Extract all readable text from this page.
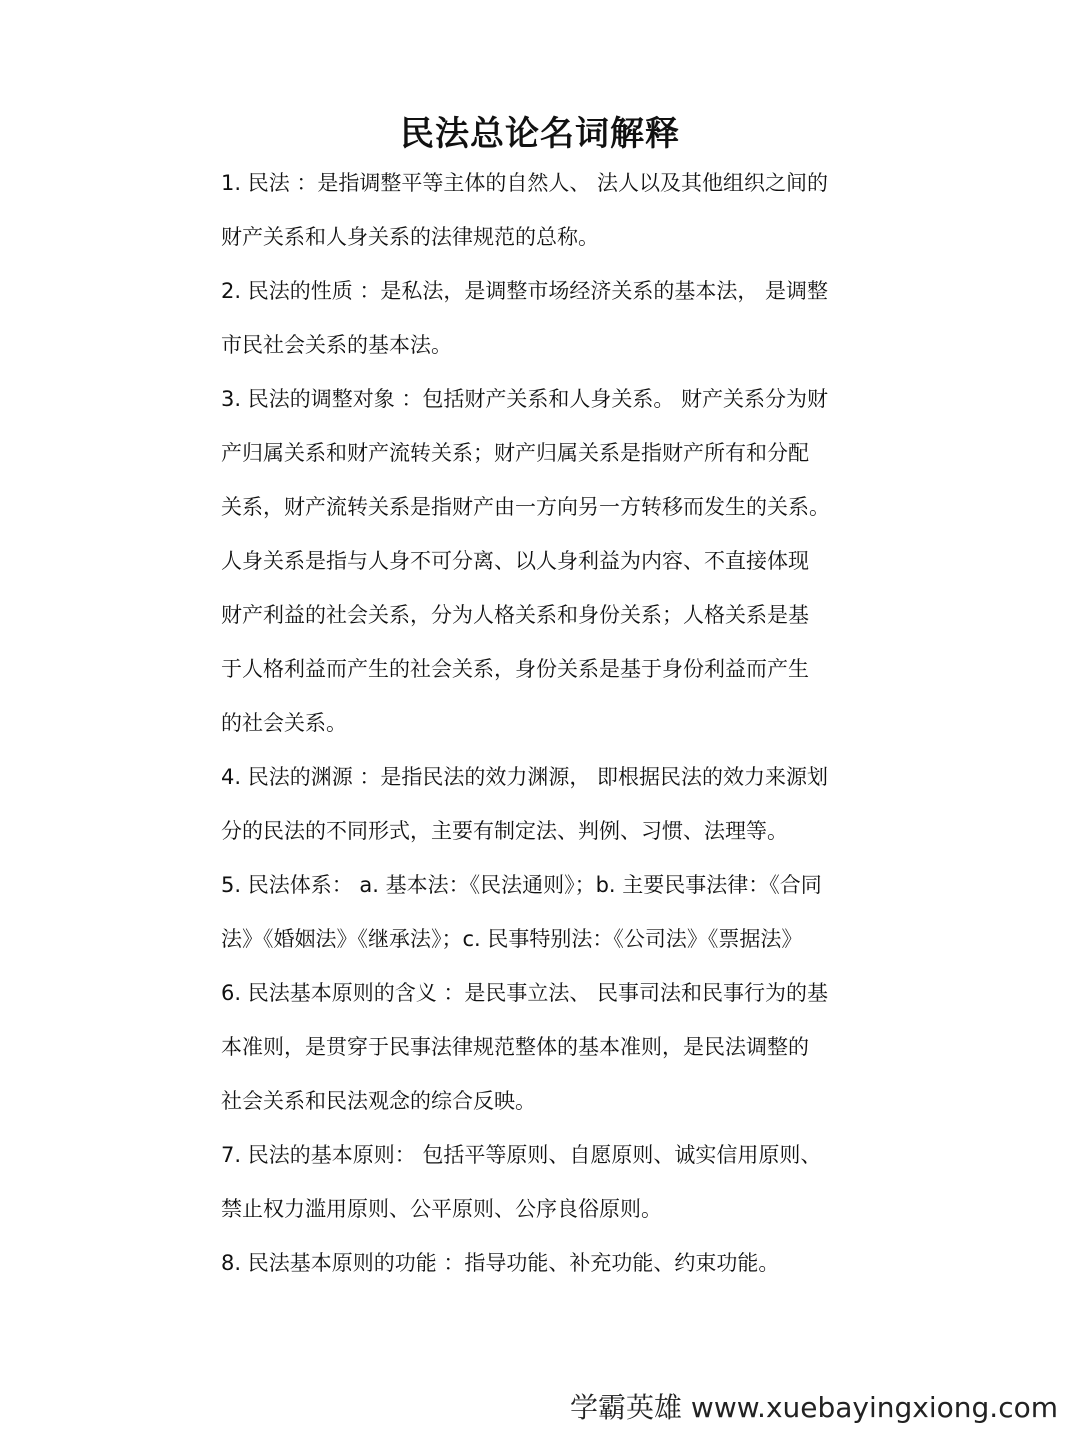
民法总论名词解释
1. 民法 ：是指调整平等主体的自然人、 法人以及其他组织之间的
财产关系和人身关系的法律规范的总称。
2. 民法的性质 ：是私法，是调整市场经济关系的基本法， 是调整
市民社会关系的基本法。
3. 民法的调整对象 ：包括财产关系和人身关系。 财产关系分为财
产归属关系和财产流转关系；财产归属关系是指财产所有和分配
关系，财产流转关系是指财产由一方向另一方转移而发生的关系。
人身关系是指与人身不可分离、以人身利益为内容、不直接体现
财产利益的社会关系，分为人格关系和身份关系；人格关系是基
于人格利益而产生的社会关系，身份关系是基于身份利益而产生
的社会关系。
4. 民法的渊源 ：是指民法的效力渊源， 即根据民法的效力来源划
分的民法的不同形式，主要有制定法、判例、习惯、法理等。
5. 民法体系： a. 基本法：《民法通则》；b. 主要民事法律：《合同
法》《婚姻法》《继承法》；c. 民事特别法：《公司法》《票据法》
6. 民法基本原则的含义 ：是民事立法、 民事司法和民事行为的基
本准则，是贯穿于民事法律规范整体的基本准则，是民法调整的
社会关系和民法观念的综合反映。
7. 民法的基本原则： 包括平等原则、自愿原则、诚实信用原则、
禁止权力滥用原则、公平原则、公序良俗原则。
8. 民法基本原则的功能 ：指导功能、补充功能、约束功能。
学霸英雄 www.xuebayingxiong.com
